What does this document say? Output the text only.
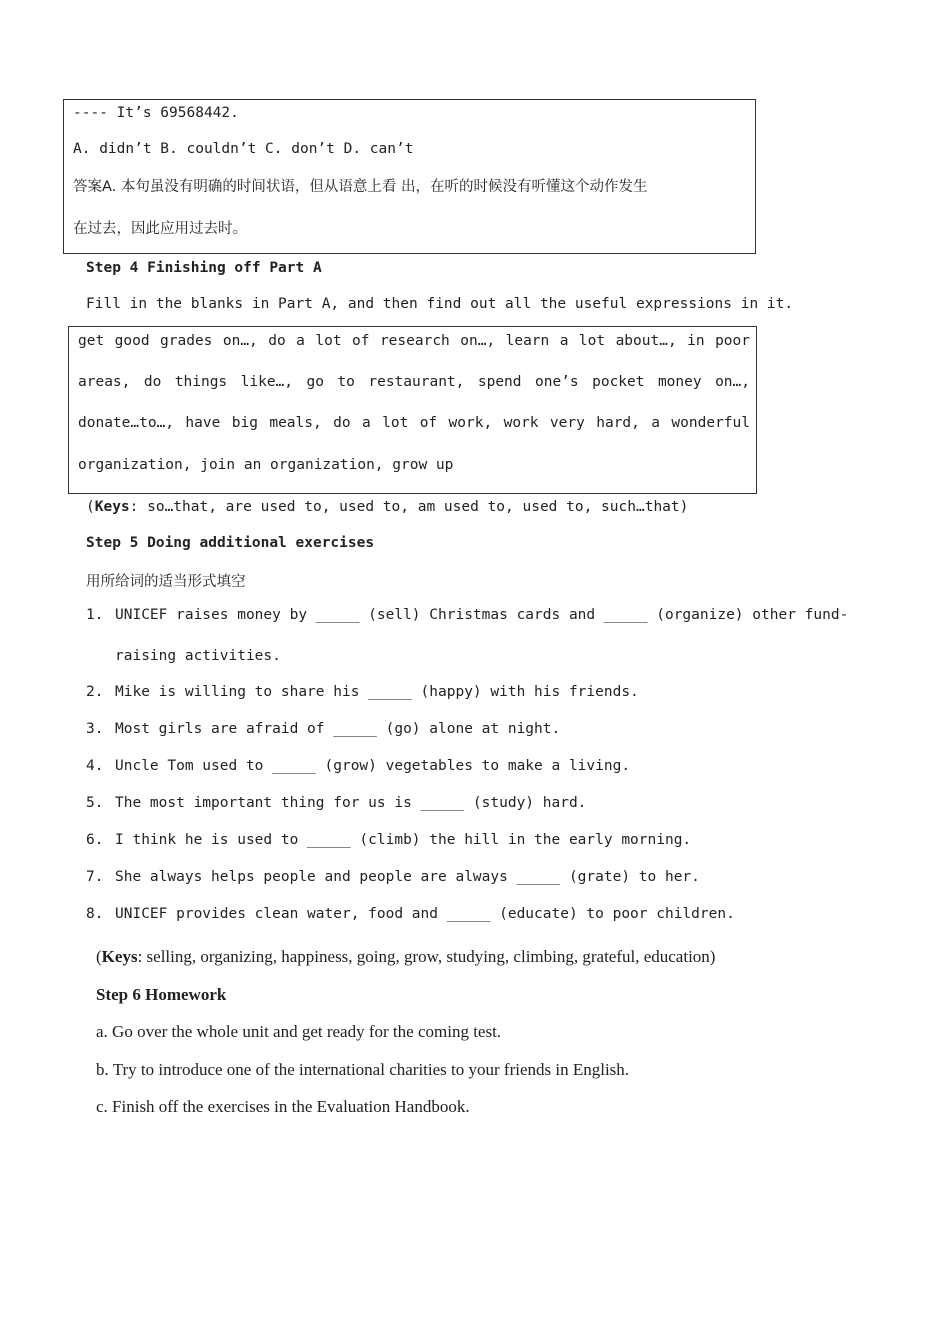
---- It’s 69568442.
A. didn’t B. couldn’t C. don’t D. can’t
答案A. 本句虽没有明确的时间状语，但从语意上看 出，在听的时候没有听懂这个动作发生
在过去，因此应用过去时。
Step 4 Finishing off Part A
Fill in the blanks in Part A, and then find out all the useful expressions in it.
get good grades on…, do a lot of research on…, learn a lot about…, in poor
areas, do things like…, go to restaurant, spend one’s pocket money on…,
donate…to…, have big meals, do a lot of work, work very hard, a wonderful
organization, join an organization, grow up
(Keys: so…that, are used to, used to, am used to, used to, such…that)
Step 5 Doing additional exercises
用所给词的适当形式填空
1. UNICEF raises money by _____ (sell) Christmas cards and _____ (organize) other fund-
raising activities.
2. Mike is willing to share his _____ (happy) with his friends.
3. Most girls are afraid of _____ (go) alone at night.
4. Uncle Tom used to _____ (grow) vegetables to make a living.
5. The most important thing for us is _____ (study) hard.
6. I think he is used to _____ (climb) the hill in the early morning.
7. She always helps people and people are always _____ (grate) to her.
8. UNICEF provides clean water, food and _____ (educate) to poor children.
(Keys: selling, organizing, happiness, going, grow, studying, climbing, grateful, education)
Step 6 Homework
a. Go over the whole unit and get ready for the coming test.
b. Try to introduce one of the international charities to your friends in English.
c. Finish off the exercises in the Evaluation Handbook.
